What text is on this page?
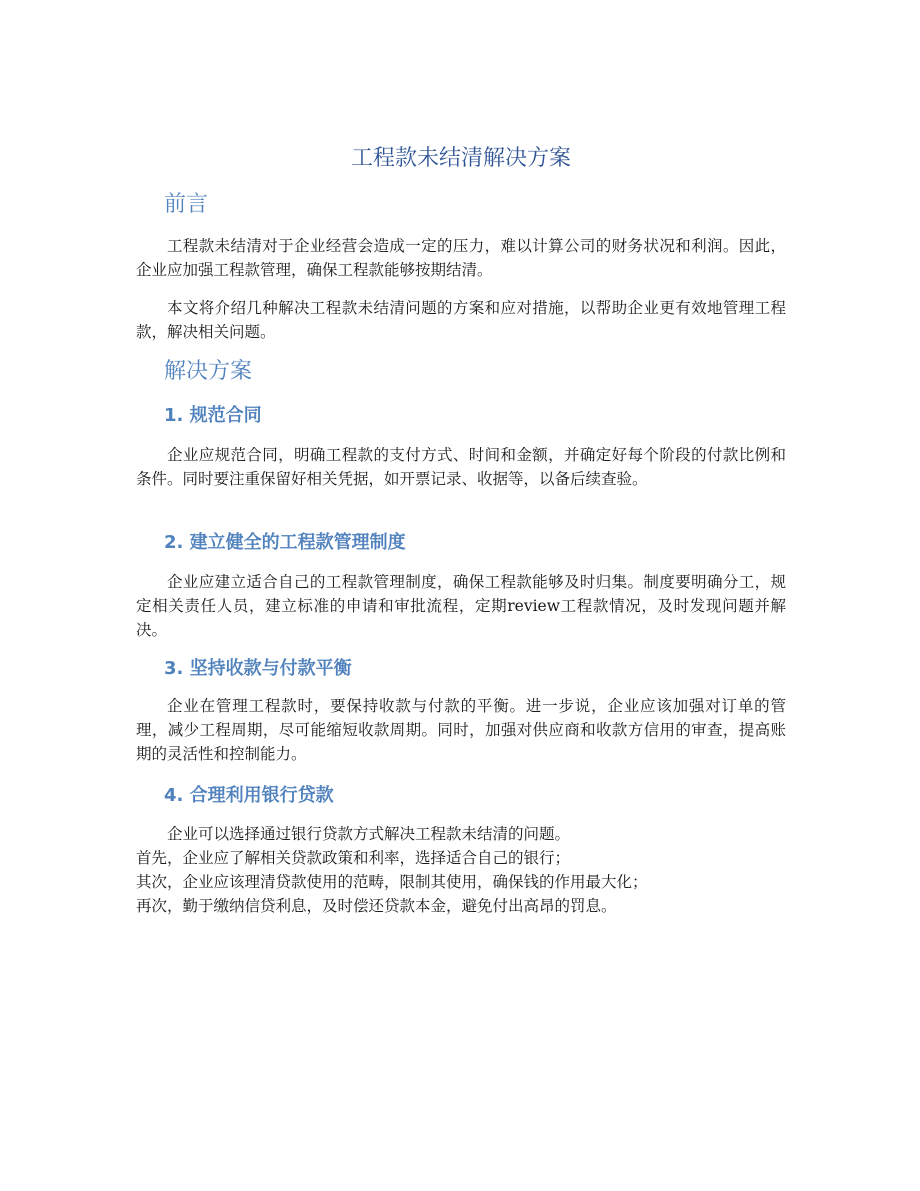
工程款未结清解决方案
前言

工程款未结清对于企业经营会造成一定的压力，难以计算公司的财务状况和利润。因此，企业应加强工程款管理，确保工程款能够按期结清。

本文将介绍几种解决工程款未结清问题的方案和应对措施，以帮助企业更有效地管理工程款，解决相关问题。

解决方案
1. 规范合同

企业应规范合同，明确工程款的支付方式、时间和金额，并确定好每个阶段的付款比例和条件。同时要注重保留好相关凭据，如开票记录、收据等，以备后续查验。

2. 建立健全的工程款管理制度

企业应建立适合自己的工程款管理制度，确保工程款能够及时归集。制度要明确分工，规定相关责任人员，建立标准的申请和审批流程，定期review工程款情况，及时发现问题并解决。

3. 坚持收款与付款平衡

企业在管理工程款时，要保持收款与付款的平衡。进一步说，企业应该加强对订单的管理，减少工程周期，尽可能缩短收款周期。同时，加强对供应商和收款方信用的审查，提高账期的灵活性和控制能力。

4. 合理利用银行贷款
企业可以选择通过银行贷款方式解决工程款未结清的问题。
首先，企业应了解相关贷款政策和利率，选择适合自己的银行；
其次，企业应该理清贷款使用的范畴，限制其使用，确保钱的作用最大化；
再次，勤于缴纳信贷利息，及时偿还贷款本金，避免付出高昂的罚息。
